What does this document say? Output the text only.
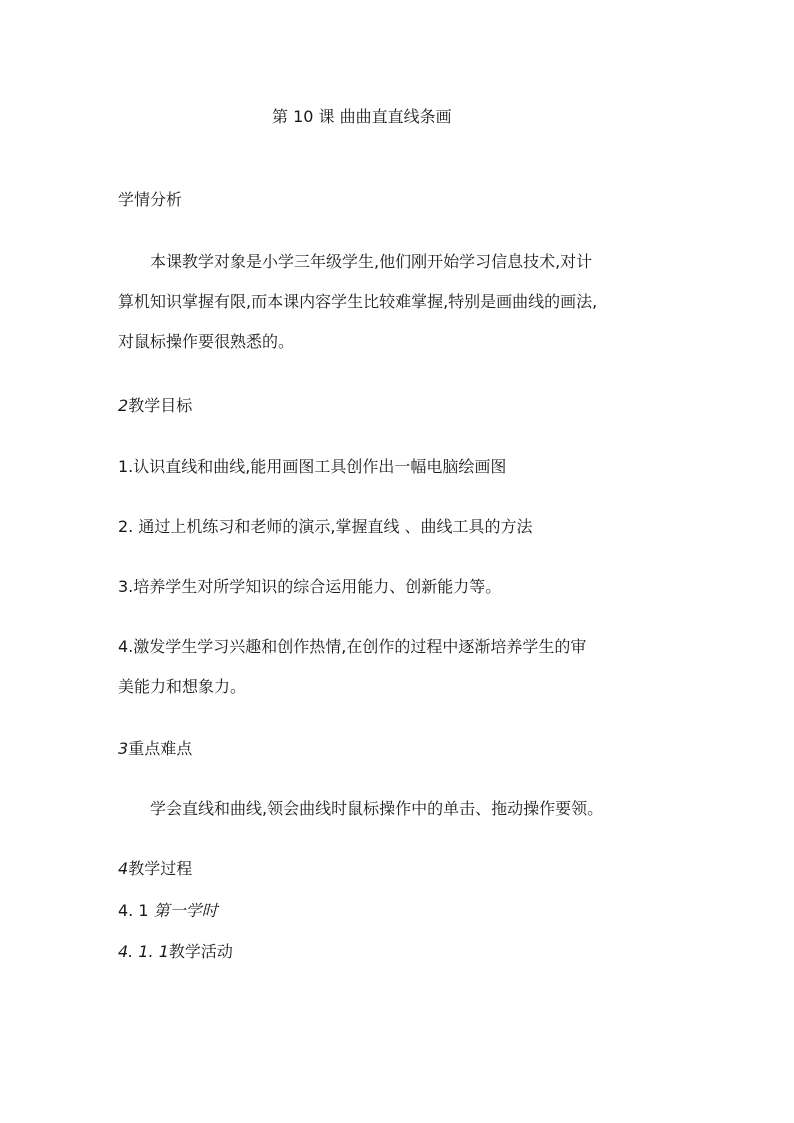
第 10 课 曲曲直直线条画
学情分析
本课教学对象是小学三年级学生,他们刚开始学习信息技术,对计
算机知识掌握有限,而本课内容学生比较难掌握,特别是画曲线的画法,
对鼠标操作要很熟悉的。
2教学目标
1.认识直线和曲线,能用画图工具创作出一幅电脑绘画图
2. 通过上机练习和老师的演示,掌握直线 、曲线工具的方法
3.培养学生对所学知识的综合运用能力、创新能力等。
4.激发学生学习兴趣和创作热情,在创作的过程中逐渐培养学生的审
美能力和想象力。
3重点难点
学会直线和曲线,领会曲线时鼠标操作中的单击、拖动操作要领。
4教学过程
4. 1 第一学时
4. 1. 1教学活动
